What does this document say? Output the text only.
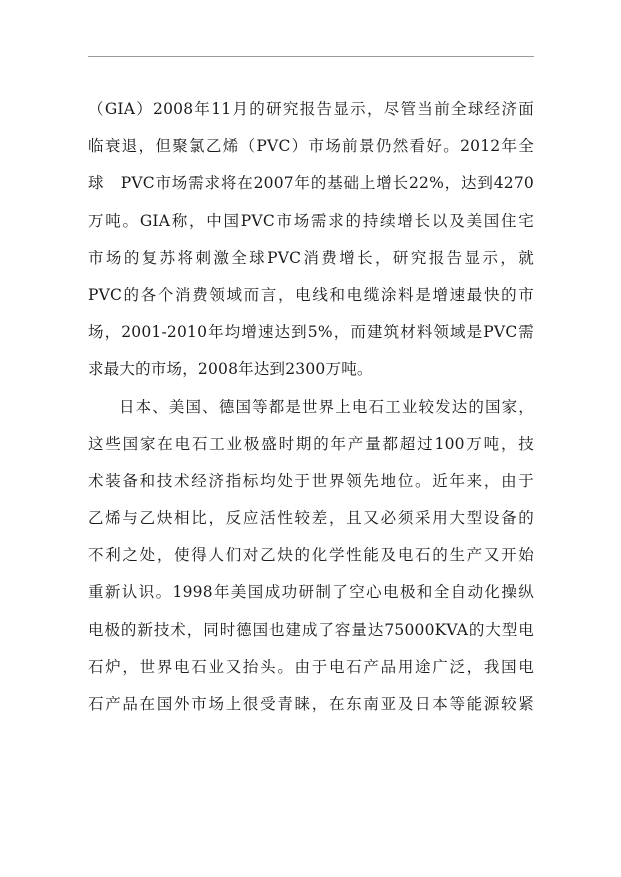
（GIA）2008年11月的研究报告显示，尽管当前全球经济面
临衰退，但聚氯乙烯（PVC）市场前景仍然看好。2012年全
球　PVC市场需求将在2007年的基础上增长22%，达到4270
万吨。GIA称，中国PVC市场需求的持续增长以及美国住宅
市场的复苏将刺激全球PVC消费增长，研究报告显示，就
PVC的各个消费领域而言，电线和电缆涂料是增速最快的市
场，2001-2010年均增速达到5%，而建筑材料领域是PVC需
求最大的市场，2008年达到2300万吨。
日本、美国、德国等都是世界上电石工业较发达的国家，
这些国家在电石工业极盛时期的年产量都超过100万吨，技
术装备和技术经济指标均处于世界领先地位。近年来，由于
乙烯与乙炔相比，反应活性较差，且又必须采用大型设备的
不利之处，使得人们对乙炔的化学性能及电石的生产又开始
重新认识。1998年美国成功研制了空心电极和全自动化操纵
电极的新技术，同时德国也建成了容量达75000KVA的大型电
石炉，世界电石业又抬头。由于电石产品用途广泛，我国电
石产品在国外市场上很受青睐，在东南亚及日本等能源较紧
